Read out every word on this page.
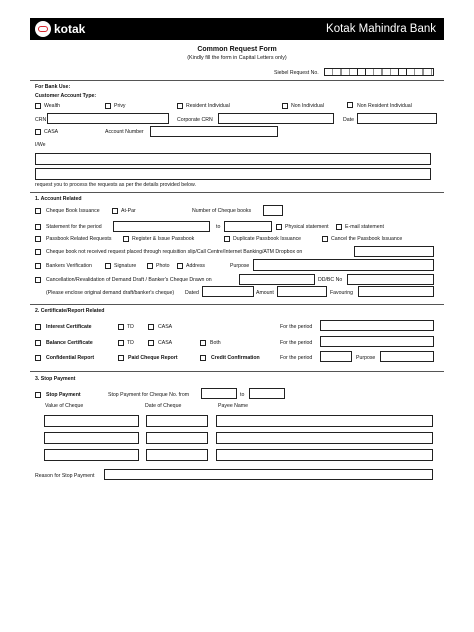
kotak	Kotak Mahindra Bank
Common Request Form
(Kindly fill the form in Capital Letters only)
Siebel Request No.
For Bank Use:
Customer Account Type:
Wealth	Privy	Resident Individual	Non Individual	Non Resident Individual
CRN	Corporate CRN	Date
CASA	Account Number
I/We
request you to process the requests as per the details provided below.
1. Account Related
Cheque Book Issuance	At-Par	Number of Cheque books
Statement for the period	to	Physical statement	E-mail statement
Passbook Related Requests	Register & Issue Passbook	Duplicate Passbook Issuance	Cancel the Passbook Issuance
Cheque book not received request placed through requisition slip/Call Centre/Internet Banking/ATM Dropbox on
Bankers Verification	Signature	Photo	Address	Purpose
Cancellation/Revalidation of Demand Draft / Banker's Cheque Drawn on	DD/BC No
(Please enclose original demand draft/banker's cheque) Dated	Amount	Favouring
2. Certificate/Report Related
Interest Certificate	TD	CASA	For the period
Balance Certificate	TD	CASA	Both	For the period
Confidential Report	Paid Cheque Report	Credit Confirmation	For the period	Purpose
3. Stop Payment
Stop Payment	Stop Payment for Cheque No. from	to
Value of Cheque	Date of Cheque	Payee Name
Reason for Stop Payment
